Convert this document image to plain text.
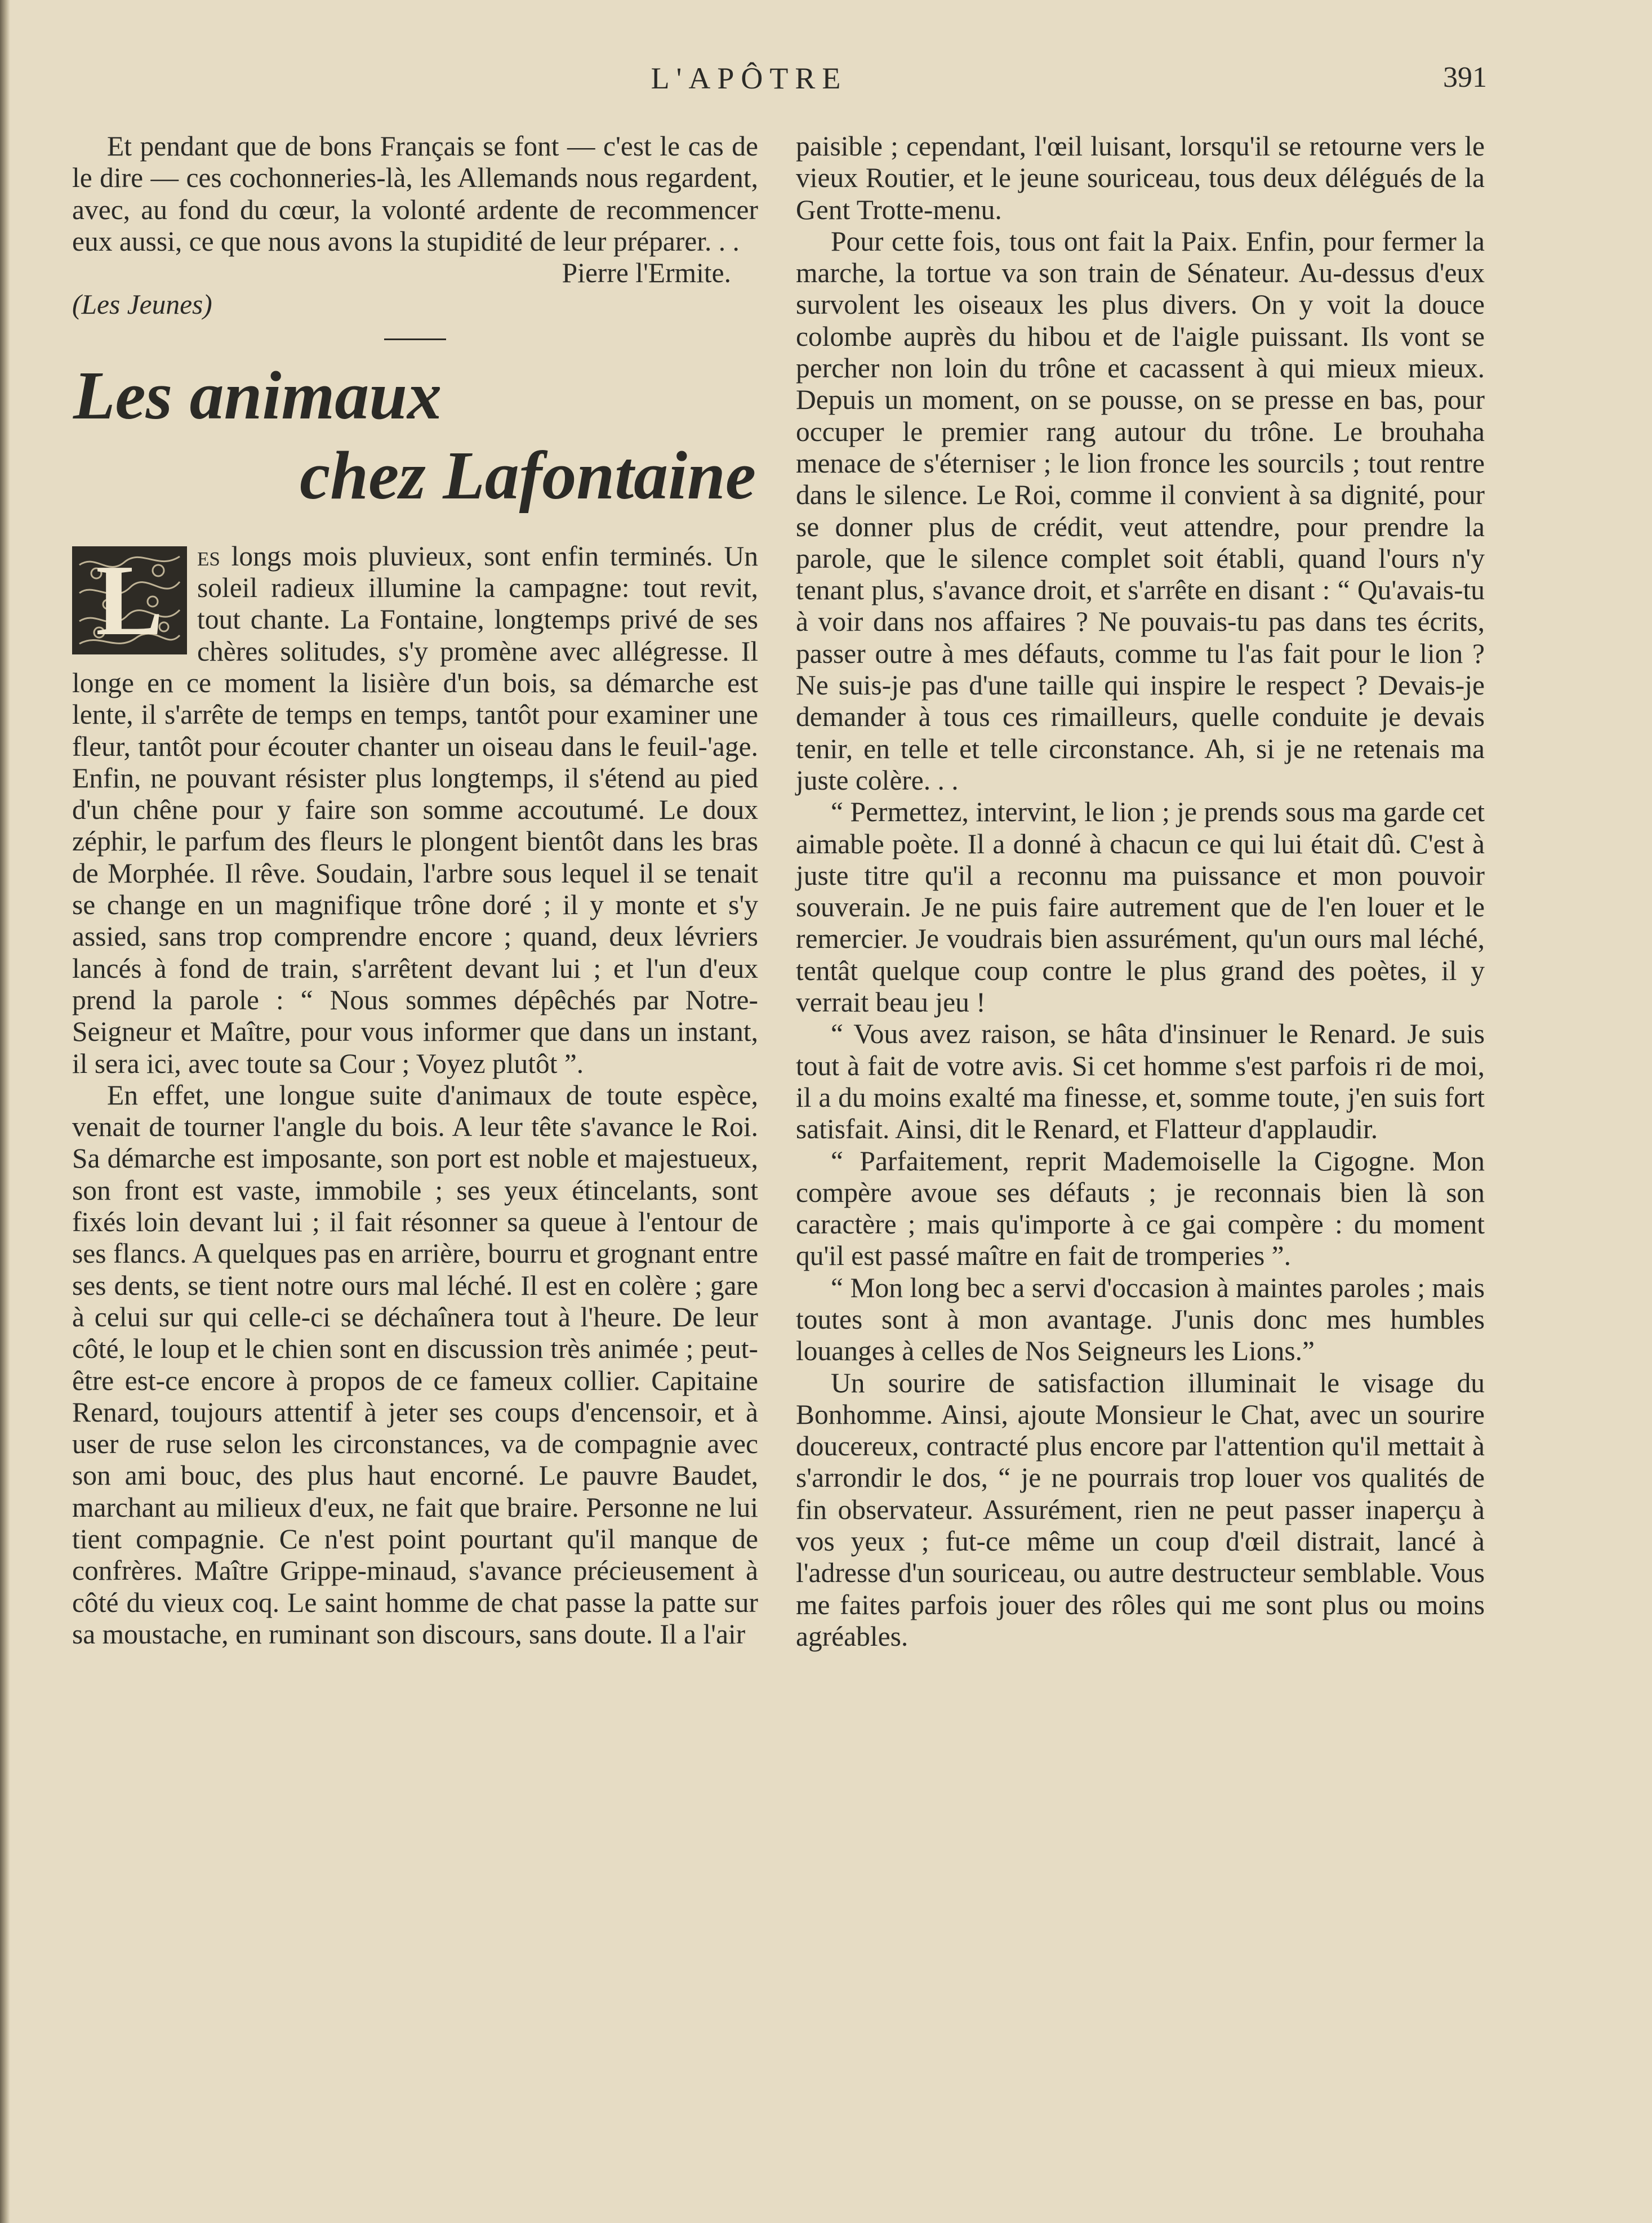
L'APÔTRE	391

Et pendant que de bons Français se font — c'est le cas de le dire — ces cochonneries-là, les Allemands nous regardent, avec, au fond du cœur, la volonté ardente de recommencer eux aussi, ce que nous avons la stupidité de leur préparer. . .

Pierre l'Ermite.

(Les Jeunes)

Les animaux
chez Lafontaine
L	es longs mois pluvieux, sont enfin terminés. Un soleil radieux illumine la campagne: tout revit, tout chante. La Fontaine, longtemps privé de ses chères solitudes, s'y promène avec allégresse. Il longe en ce moment la lisière d'un bois, sa démarche est lente, il s'arrête de temps en temps, tantôt pour examiner une fleur, tantôt pour écouter chanter un oiseau dans le feuil-'age. Enfin, ne pouvant résister plus longtemps, il s'étend au pied d'un chêne pour y faire son somme accoutumé. Le doux zéphir, le parfum des fleurs le plongent bientôt dans les bras de Morphée. Il rêve. Soudain, l'arbre sous lequel il se tenait se change en un magnifique trône doré ; il y monte et s'y assied, sans trop comprendre encore ; quand, deux lévriers lancés à fond de train, s'arrêtent devant lui ; et l'un d'eux prend la parole : “ Nous sommes dépêchés par Notre-Seigneur et Maître, pour vous informer que dans un instant, il sera ici, avec toute sa Cour ; Voyez plutôt ”.

En effet, une longue suite d'animaux de toute espèce, venait de tourner l'angle du bois. A leur tête s'avance le Roi. Sa démarche est imposante, son port est noble et majestueux, son front est vaste, immobile ; ses yeux étincelants, sont fixés loin devant lui ; il fait résonner sa queue à l'entour de ses flancs. A quelques pas en arrière, bourru et grognant entre ses dents, se tient notre ours mal léché. Il est en colère ; gare à celui sur qui celle-ci se déchaînera tout à l'heure. De leur côté, le loup et le chien sont en discussion très animée ; peut-être est-ce encore à propos de ce fameux collier. Capitaine Renard, toujours attentif à jeter ses coups d'encensoir, et à user de ruse selon les circonstances, va de compagnie avec son ami bouc, des plus haut encorné. Le pauvre Baudet, marchant au milieux d'eux, ne fait que braire. Personne ne lui tient compagnie. Ce n'est point pourtant qu'il manque de confrères. Maître Grippe-minaud, s'avance précieusement à côté du vieux coq. Le saint homme de chat passe la patte sur sa moustache, en ruminant son discours, sans doute. Il a l'air

paisible ; cependant, l'œil luisant, lorsqu'il se retourne vers le vieux Routier, et le jeune souriceau, tous deux délégués de la Gent Trotte-menu.

Pour cette fois, tous ont fait la Paix. Enfin, pour fermer la marche, la tortue va son train de Sénateur. Au-dessus d'eux survolent les oiseaux les plus divers. On y voit la douce colombe auprès du hibou et de l'aigle puissant. Ils vont se percher non loin du trône et cacassent à qui mieux mieux. Depuis un moment, on se pousse, on se presse en bas, pour occuper le premier rang autour du trône. Le brouhaha menace de s'éterniser ; le lion fronce les sourcils ; tout rentre dans le silence. Le Roi, comme il convient à sa dignité, pour se donner plus de crédit, veut attendre, pour prendre la parole, que le silence complet soit établi, quand l'ours n'y tenant plus, s'avance droit, et s'arrête en disant : “ Qu'avais-tu à voir dans nos affaires ? Ne pouvais-tu pas dans tes écrits, passer outre à mes défauts, comme tu l'as fait pour le lion ? Ne suis-je pas d'une taille qui inspire le respect ? Devais-je demander à tous ces rimailleurs, quelle conduite je devais tenir, en telle et telle circonstance. Ah, si je ne retenais ma juste colère. . .

“ Permettez, intervint, le lion ; je prends sous ma garde cet aimable poète. Il a donné à chacun ce qui lui était dû. C'est à juste titre qu'il a reconnu ma puissance et mon pouvoir souverain. Je ne puis faire autrement que de l'en louer et le remercier. Je voudrais bien assurément, qu'un ours mal léché, tentât quelque coup contre le plus grand des poètes, il y verrait beau jeu !

“ Vous avez raison, se hâta d'insinuer le Renard. Je suis tout à fait de votre avis. Si cet homme s'est parfois ri de moi, il a du moins exalté ma finesse, et, somme toute, j'en suis fort satisfait. Ainsi, dit le Renard, et Flatteur d'applaudir.

“ Parfaitement, reprit Mademoiselle la Cigogne. Mon compère avoue ses défauts ; je reconnais bien là son caractère ; mais qu'importe à ce gai compère : du moment qu'il est passé maître en fait de tromperies ”.

“ Mon long bec a servi d'occasion à maintes paroles ; mais toutes sont à mon avantage. J'unis donc mes humbles louanges à celles de Nos Seigneurs les Lions.”

Un sourire de satisfaction illuminait le visage du Bonhomme. Ainsi, ajoute Monsieur le Chat, avec un sourire doucereux, contracté plus encore par l'attention qu'il mettait à s'arrondir le dos, “ je ne pourrais trop louer vos qualités de fin observateur. Assurément, rien ne peut passer inaperçu à vos yeux ; fut-ce même un coup d'œil distrait, lancé à l'adresse d'un souriceau, ou autre destructeur semblable. Vous me faites parfois jouer des rôles qui me sont plus ou moins agréables.
